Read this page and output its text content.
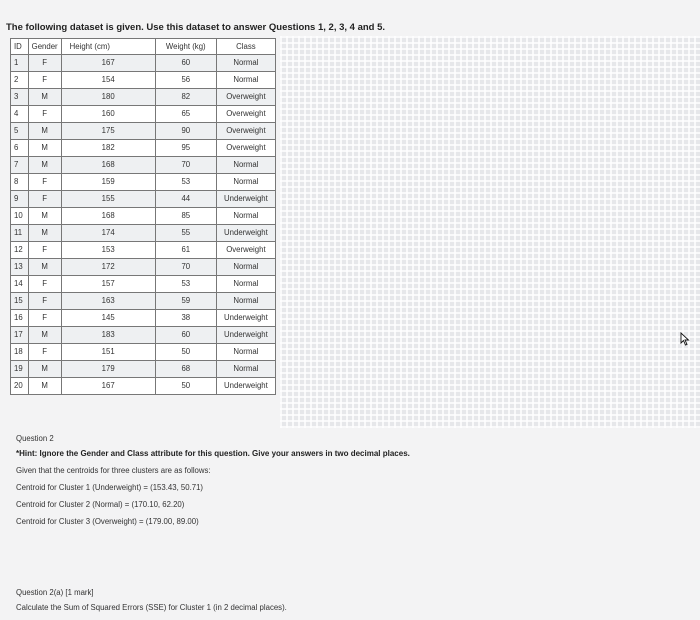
The following dataset is given. Use this dataset to answer Questions 1, 2, 3, 4 and 5.
ID	Gender	Height (cm)	Weight (kg)	Class
1	F	167	60	Normal
2	F	154	56	Normal
3	M	180	82	Overweight
4	F	160	65	Overweight
5	M	175	90	Overweight
6	M	182	95	Overweight
7	M	168	70	Normal
8	F	159	53	Normal
9	F	155	44	Underweight
10	M	168	85	Normal
11	M	174	55	Underweight
12	F	153	61	Overweight
13	M	172	70	Normal
14	F	157	53	Normal
15	F	163	59	Normal
16	F	145	38	Underweight
17	M	183	60	Underweight
18	F	151	50	Normal
19	M	179	68	Normal
20	M	167	50	Underweight
Question 2
*Hint: Ignore the Gender and Class attribute for this question. Give your answers in two decimal places.
Given that the centroids for three clusters are as follows:
Centroid for Cluster 1 (Underweight) = (153.43, 50.71)
Centroid for Cluster 2 (Normal) = (170.10, 62.20)
Centroid for Cluster 3 (Overweight) = (179.00, 89.00)
Question 2(a) [1 mark]
Calculate the Sum of Squared Errors (SSE) for Cluster 1 (in 2 decimal places).
